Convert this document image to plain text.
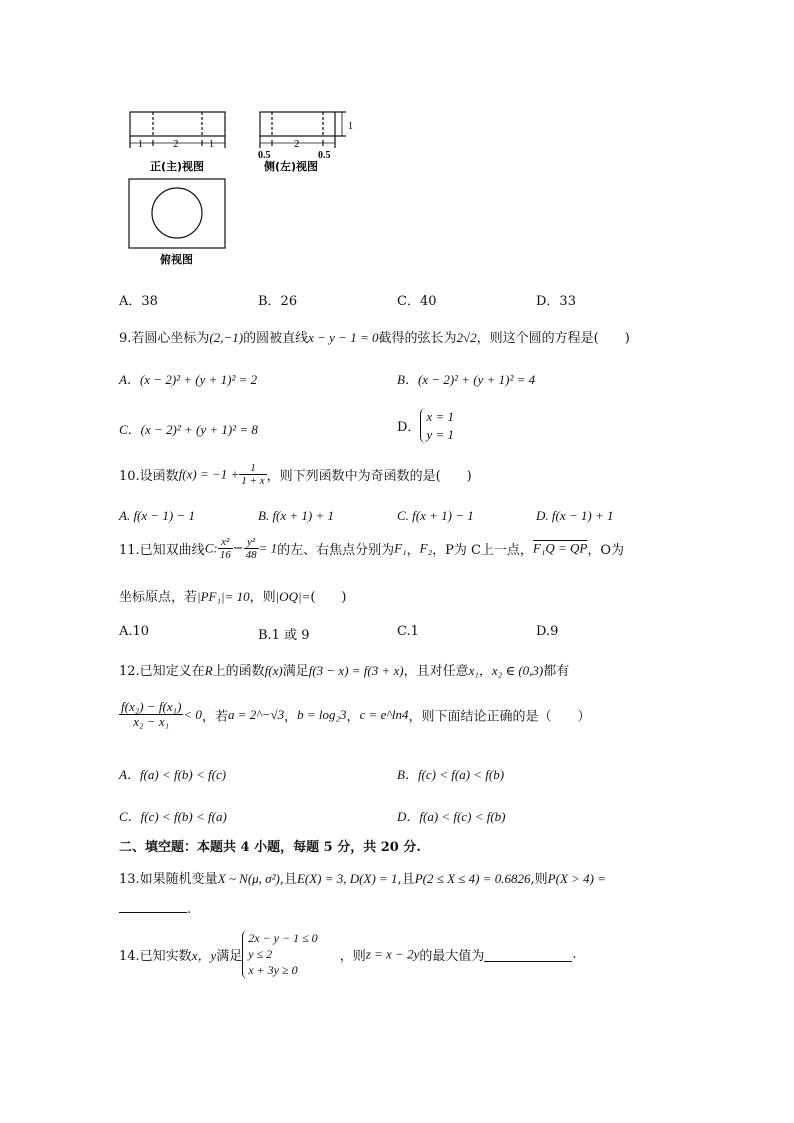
1	2	1
正(主)视图
0.5
2
0.5
1
侧(左)视图
俯视图
A．38	B．26	C．40	D．33
9.若圆心坐标为(2,−1)的圆被直线x − y − 1 = 0截得的弦长为2√2，则这个圆的方程是(　　)
A．(x − 2)² + (y + 1)² = 2	B．(x − 2)² + (y + 1)² = 4
C．(x − 2)² + (y + 1)² = 8	D．
x = 1
y = 1
10.设函数$f(x) = -1 + \frac{1}{1 + x}$ ，则下列函数中为奇函数的是(　　)
A. f(x − 1) − 1	B. f(x + 1) + 1	C. f(x + 1) − 1	D. f(x − 1) + 1
11.已知双曲线C: $\frac{\text{x²}}{16} - \frac{\text{y²}}{48} = 1$的左、右焦点分别为F₁，F₂，P为 C上一点，F₁Q = QP，O为
坐标原点，若|PF₁|= 10，则|OQ|=(　　)
A.10	B.1 或 9	C.1	D.9
12.已知定义在R上的函数f(x)满足f(3 − x) = f(3 + x)，且对任意x₁，x₂ ∈ (0,3)都有
$\frac{\text{f(x₂) − f(x₁)}}{\text{x₂ − x₁}} < 0$，若a = 2^−√3，b = log₂3，c = e^ln4，则下面结论正确的是（　　）
A．f(a) < f(b) < f(c)	B．f(c) < f(a) < f(b)
C．f(c) < f(b) < f(a)	D．f(a) < f(c) < f(b)
二、填空题：本题共 4 小题，每题 5 分，共 20 分.
13.如果随机变量X ~ N(μ, σ²),且E(X) = 3, D(X) = 1,且P(2 ≤ X ≤ 4) = 0.6826,则P(X > 4) =
.
14.已知实数x，y满足
2x − y − 1 ≤ 0
y ≤ 2
x + 3y ≥ 0
，则z = x − 2y的最大值为	.
